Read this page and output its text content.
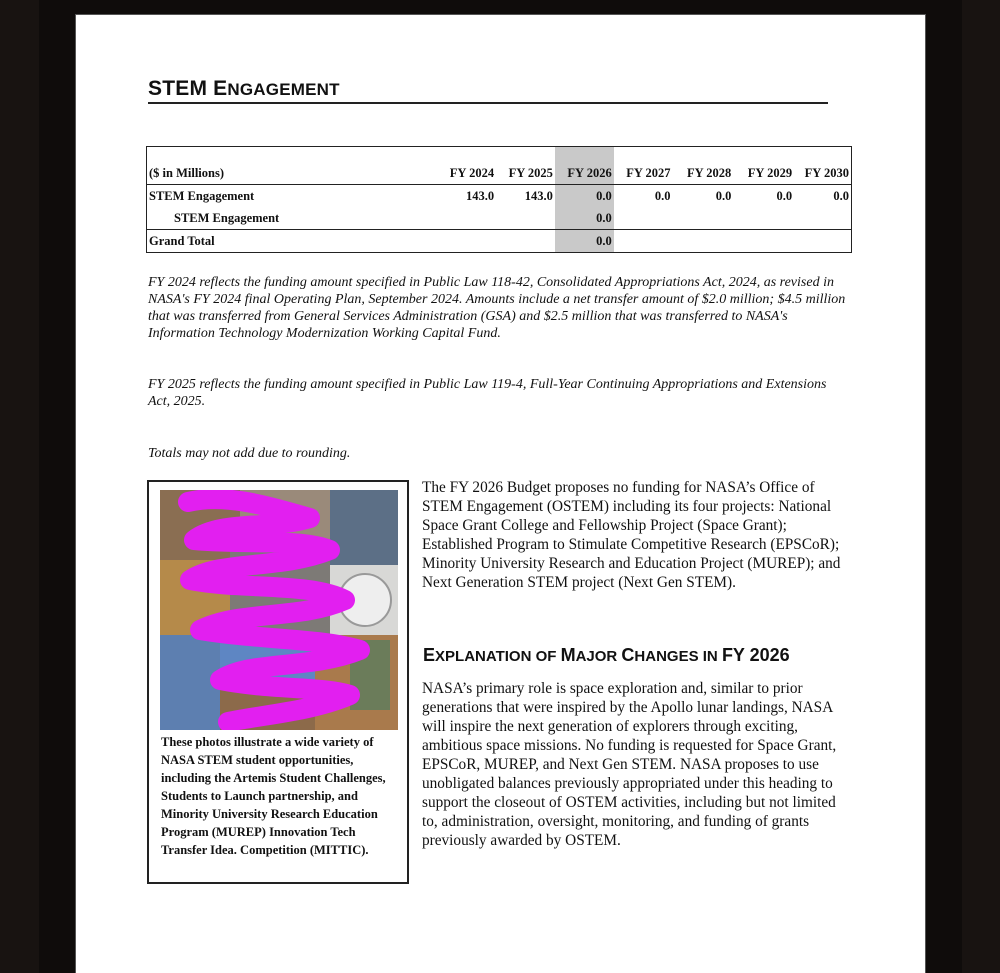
STEM ENGAGEMENT
($ in Millions)	FY 2024	FY 2025	FY 2026	FY 2027	FY 2028	FY 2029	FY 2030
STEM Engagement	143.0	143.0	0.0	0.0	0.0	0.0	0.0
STEM Engagement			0.0				
Grand Total			0.0				
FY 2024 reflects the funding amount specified in Public Law 118-42, Consolidated Appropriations Act, 2024, as revised in NASA's FY 2024 final Operating Plan, September 2024. Amounts include a net transfer amount of $2.0 million; $4.5 million that was transferred from General Services Administration (GSA) and $2.5 million that was transferred to NASA's Information Technology Modernization Working Capital Fund.
FY 2025 reflects the funding amount specified in Public Law 119-4, Full-Year Continuing Appropriations and Extensions Act, 2025.
Totals may not add due to rounding.
These photos illustrate a wide variety of NASA STEM student opportunities, including the Artemis Student Challenges, Students to Launch partnership, and Minority University Research Education Program (MUREP) Innovation Tech Transfer Idea. Competition (MITTIC).
The FY 2026 Budget proposes no funding for NASA’s Office of STEM Engagement (OSTEM) including its four projects: National Space Grant College and Fellowship Project (Space Grant); Established Program to Stimulate Competitive Research (EPSCoR); Minority University Research and Education Project (MUREP); and Next Generation STEM project (Next Gen STEM).
EXPLANATION OF MAJOR CHANGES IN FY 2026
NASA’s primary role is space exploration and, similar to prior generations that were inspired by the Apollo lunar landings, NASA will inspire the next generation of explorers through exciting, ambitious space missions. No funding is requested for Space Grant, EPSCoR, MUREP, and Next Gen STEM. NASA proposes to use unobligated balances previously appropriated under this heading to support the closeout of OSTEM activities, including but not limited to, administration, oversight, monitoring, and funding of grants previously awarded by OSTEM.
